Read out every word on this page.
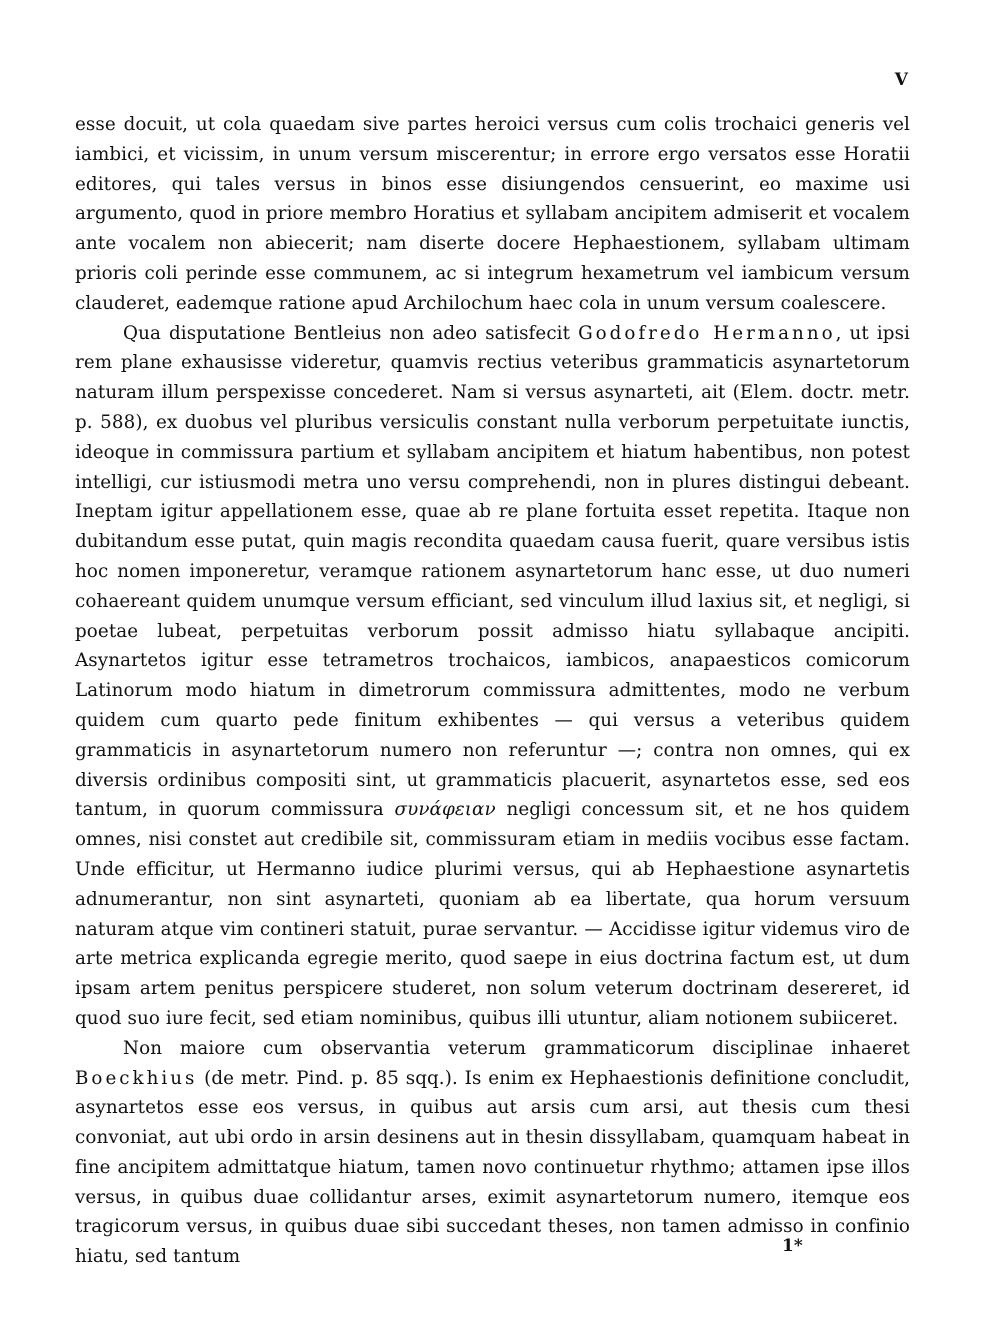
V

esse docuit, ut cola quaedam sive partes heroici versus cum colis trochaici generis vel iambici, et vicissim, in unum versum miscerentur; in errore ergo versatos esse Horatii editores, qui tales versus in binos esse disiungendos censuerint, eo maxime usi argumento, quod in priore membro Horatius et syllabam ancipitem admiserit et vocalem ante vocalem non abiecerit; nam diserte docere Hephaestionem, syllabam ultimam prioris coli perinde esse communem, ac si integrum hexametrum vel iambicum versum clauderet, eademque ratione apud Archilochum haec cola in unum versum coalescere.

Qua disputatione Bentleius non adeo satisfecit Godofredo Hermanno, ut ipsi rem plane exhausisse videretur, quamvis rectius veteribus grammaticis asynartetorum naturam illum perspexisse concederet. Nam si versus asynarteti, ait (Elem. doctr. metr. p. 588), ex duobus vel pluribus versiculis constant nulla verborum perpetuitate iunctis, ideoque in commissura partium et syllabam ancipitem et hiatum habentibus, non potest intelligi, cur istiusmodi metra uno versu comprehendi, non in plures distingui debeant. Ineptam igitur appellationem esse, quae ab re plane fortuita esset repetita. Itaque non dubitandum esse putat, quin magis recondita quaedam causa fuerit, quare versibus istis hoc nomen imponeretur, veramque rationem asynartetorum hanc esse, ut duo numeri cohaereant quidem unumque versum efficiant, sed vinculum illud laxius sit, et negligi, si poetae lubeat, perpetuitas verborum possit admisso hiatu syllabaque ancipiti. Asynartetos igitur esse tetrametros trochaicos, iambicos, anapaesticos comicorum Latinorum modo hiatum in dimetrorum commissura admittentes, modo ne verbum quidem cum quarto pede finitum exhibentes — qui versus a veteribus quidem grammaticis in asynartetorum numero non referuntur —; contra non omnes, qui ex diversis ordinibus compositi sint, ut grammaticis placuerit, asynartetos esse, sed eos tantum, in quorum commissura συνάφειαν negligi concessum sit, et ne hos quidem omnes, nisi constet aut credibile sit, commissuram etiam in mediis vocibus esse factam. Unde efficitur, ut Hermanno iudice plurimi versus, qui ab Hephaestione asynartetis adnumerantur, non sint asynarteti, quoniam ab ea libertate, qua horum versuum naturam atque vim contineri statuit, purae servantur. — Accidisse igitur videmus viro de arte metrica explicanda egregie merito, quod saepe in eius doctrina factum est, ut dum ipsam artem penitus perspicere studeret, non solum veterum doctrinam desereret, id quod suo iure fecit, sed etiam nominibus, quibus illi utuntur, aliam notionem subiiceret.

Non maiore cum observantia veterum grammaticorum disciplinae inhaeret Boeckhius (de metr. Pind. p. 85 sqq.). Is enim ex Hephaestionis definitione concludit, asynartetos esse eos versus, in quibus aut arsis cum arsi, aut thesis cum thesi convoniat, aut ubi ordo in arsin desinens aut in thesin dissyllabam, quamquam habeat in fine ancipitem admittatque hiatum, tamen novo continuetur rhythmo; attamen ipse illos versus, in quibus duae collidantur arses, eximit asynartetorum numero, itemque eos tragicorum versus, in quibus duae sibi succedant theses, non tamen admisso in confinio hiatu, sed tantum

1*
